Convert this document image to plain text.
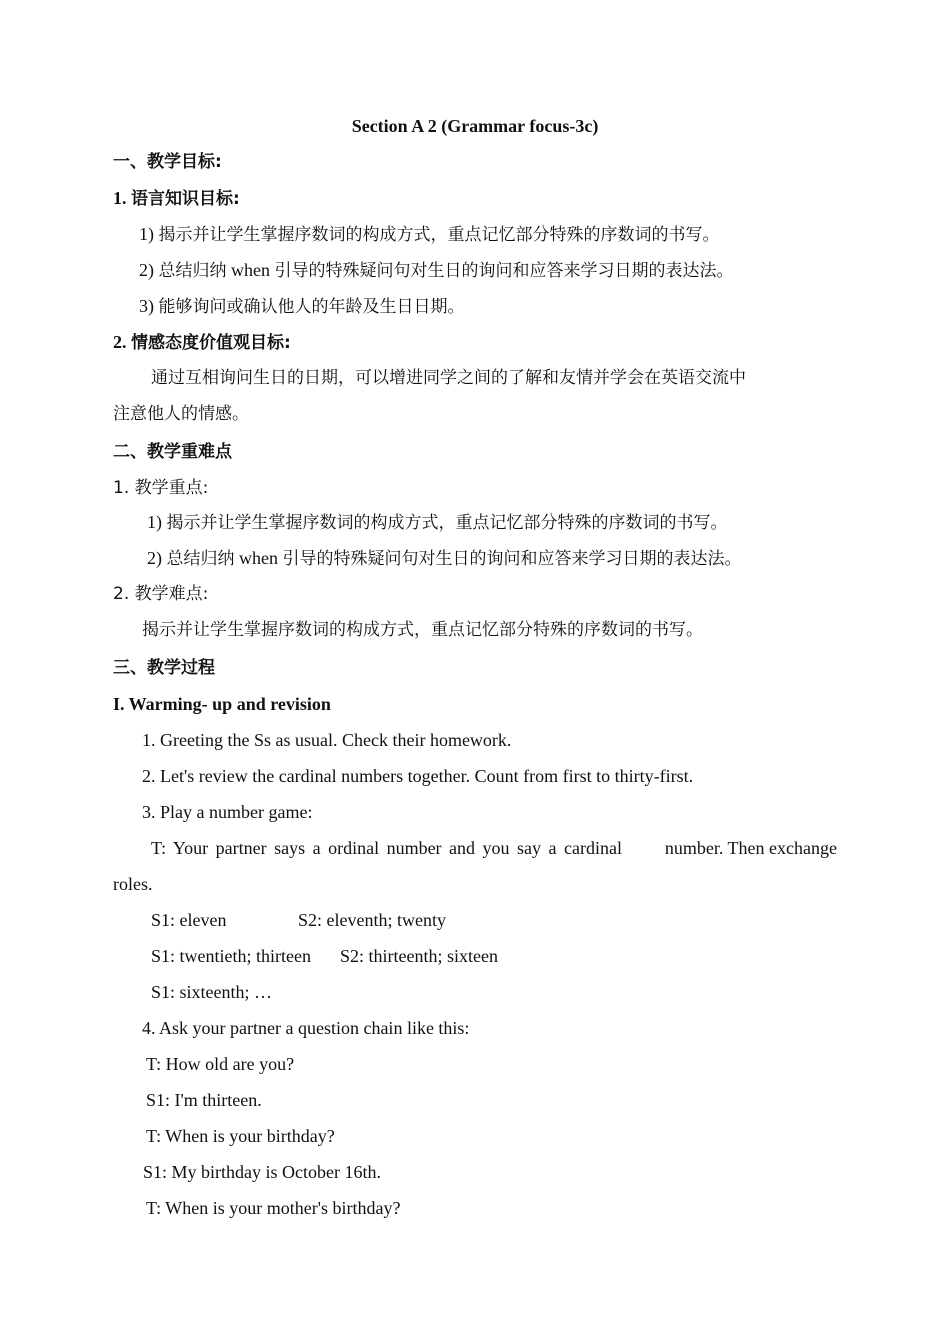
Section A 2 (Grammar focus-3c)
一、教学目标:
1. 语言知识目标:
1) 揭示并让学生掌握序数词的构成方式，重点记忆部分特殊的序数词的书写。
2) 总结归纳 when 引导的特殊疑问句对生日的询问和应答来学习日期的表达法。
3) 能够询问或确认他人的年龄及生日日期。
2. 情感态度价值观目标:
通过互相询问生日的日期，可以增进同学之间的了解和友情并学会在英语交流中
注意他人的情感。
二、教学重难点
1. 教学重点:
1) 揭示并让学生掌握序数词的构成方式，重点记忆部分特殊的序数词的书写。
2) 总结归纳 when 引导的特殊疑问句对生日的询问和应答来学习日期的表达法。
2. 教学难点:
揭示并让学生掌握序数词的构成方式，重点记忆部分特殊的序数词的书写。
三、教学过程
I. Warming- up and revision
1. Greeting the Ss as usual. Check their homework.
2. Let's review the cardinal numbers together. Count from first to thirty-first.
3. Play a number game:
T: Your partner says a ordinal number and you say a cardinal number. Then exchange
roles.
S1: eleven	S2: eleventh; twenty
S1: twentieth; thirteen S2: thirteenth; sixteen
S1: sixteenth; …
4. Ask your partner a question chain like this:
T: How old are you?
S1: I'm thirteen.
T: When is your birthday?
S1: My birthday is October 16th.
T: When is your mother's birthday?
